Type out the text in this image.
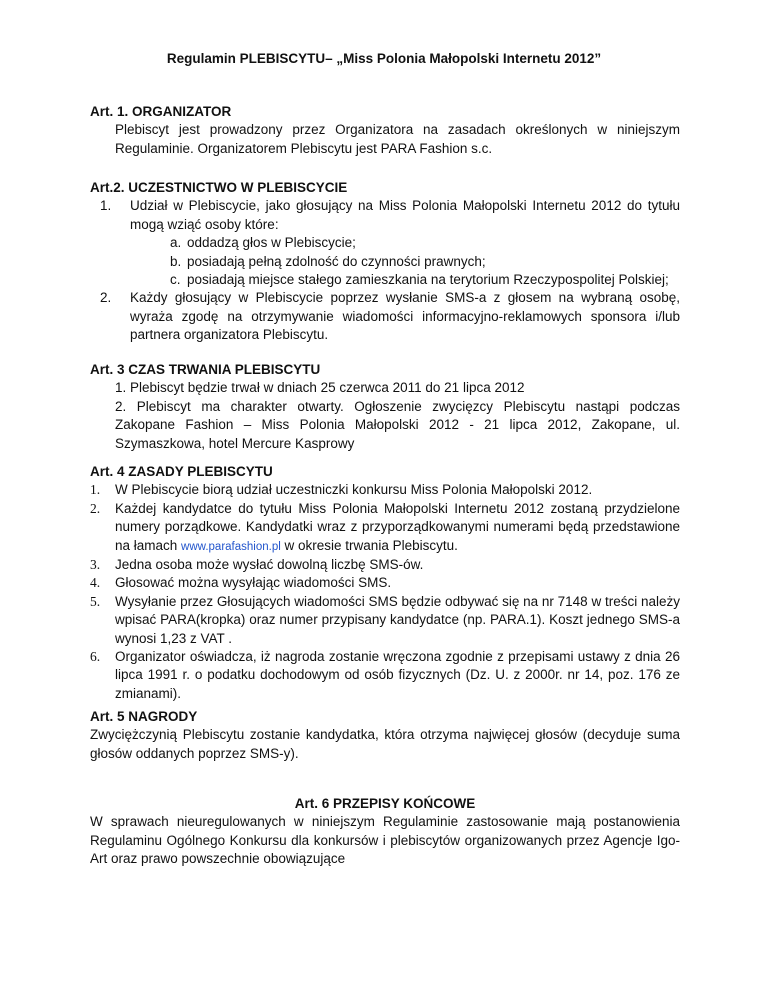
Regulamin PLEBISCYTU– „Miss Polonia Małopolski Internetu 2012”

Art. 1. ORGANIZATOR

Plebiscyt jest prowadzony przez Organizatora na zasadach określonych w niniejszym Regulaminie. Organizatorem Plebiscytu jest PARA Fashion s.c.

Art.2. UCZESTNICTWO W PLEBISCYCIE

1. Udział w Plebiscycie, jako głosujący na Miss Polonia Małopolski Internetu 2012 do tytułu mogą wziąć osoby które:
a. oddadzą głos w Plebiscycie;
b. posiadają pełną zdolność do czynności prawnych;
c. posiadają miejsce stałego zamieszkania na terytorium Rzeczypospolitej Polskiej;
2. Każdy głosujący w Plebiscycie poprzez wysłanie SMS-a z głosem na wybraną osobę, wyraża zgodę na otrzymywanie wiadomości informacyjno-reklamowych sponsora i/lub partnera organizatora Plebiscytu.

Art. 3 CZAS TRWANIA PLEBISCYTU

1. Plebiscyt będzie trwał w dniach 25 czerwca 2011 do 21 lipca 2012

2. Plebiscyt ma charakter otwarty. Ogłoszenie zwycięzcy Plebiscytu nastąpi podczas Zakopane Fashion – Miss Polonia Małopolski 2012 - 21 lipca 2012, Zakopane, ul. Szymaszkowa, hotel Mercure Kasprowy

Art. 4 ZASADY PLEBISCYTU

1. W Plebiscycie biorą udział uczestniczki konkursu Miss Polonia Małopolski 2012.
2. Każdej kandydatce do tytułu Miss Polonia Małopolski Internetu 2012 zostaną przydzielone numery porządkowe. Kandydatki wraz z przyporządkowanymi numerami będą przedstawione na łamach www.parafashion.pl w okresie trwania Plebiscytu.
3. Jedna osoba może wysłać dowolną liczbę SMS-ów.
4. Głosować można wysyłając wiadomości SMS.
5. Wysyłanie przez Głosujących wiadomości SMS będzie odbywać się na nr 7148 w treści należy wpisać PARA(kropka) oraz numer przypisany kandydatce (np. PARA.1). Koszt jednego SMS-a wynosi 1,23 z VAT .
6. Organizator oświadcza, iż nagroda zostanie wręczona zgodnie z przepisami ustawy z dnia 26 lipca 1991 r. o podatku dochodowym od osób fizycznych (Dz. U. z 2000r. nr 14, poz. 176 ze zmianami).

Art. 5 NAGRODY

Zwyciężczynią Plebiscytu zostanie kandydatka, która otrzyma najwięcej głosów (decyduje suma głosów oddanych poprzez SMS-y).

Art. 6 PRZEPISY KOŃCOWE

W sprawach nieuregulowanych w niniejszym Regulaminie zastosowanie mają postanowienia Regulaminu Ogólnego Konkursu dla konkursów i plebiscytów organizowanych przez Agencje Igo-Art oraz prawo powszechnie obowiązujące
